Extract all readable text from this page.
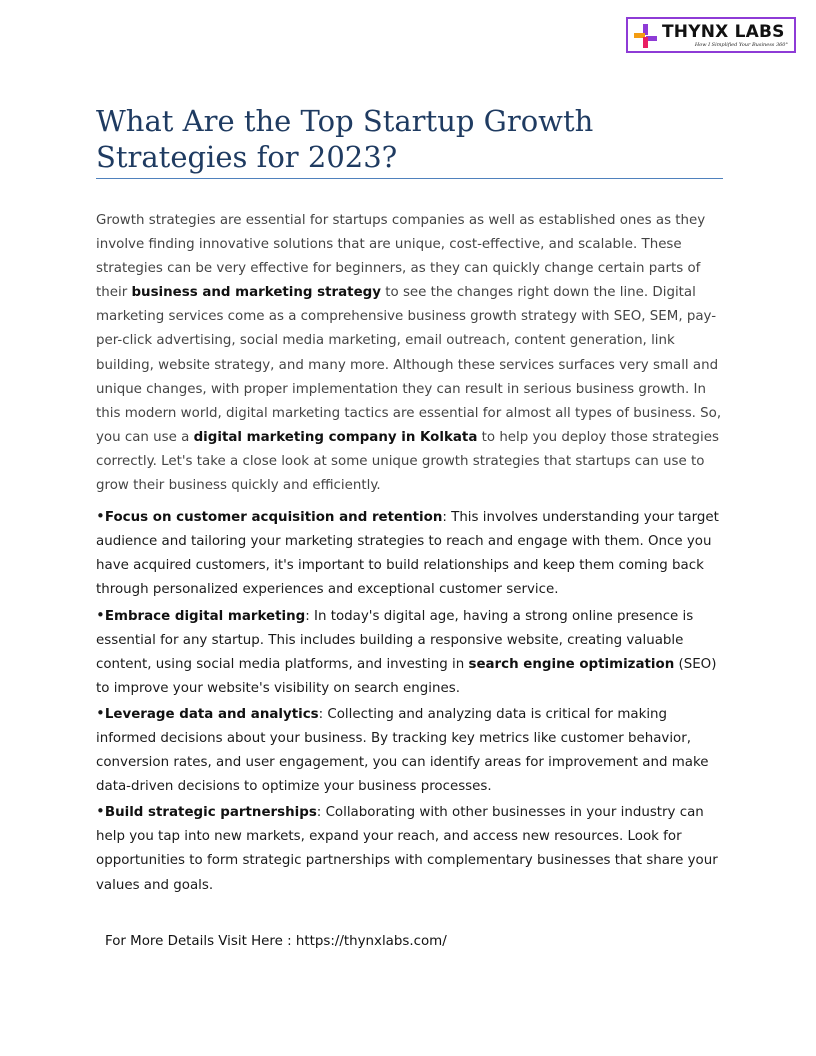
THYNX LABS
How I Simplified Your Business 360°
What Are the Top Startup Growth Strategies for 2023?

Growth strategies are essential for startups companies as well as established ones as they involve finding innovative solutions that are unique, cost-effective, and scalable. These strategies can be very effective for beginners, as they can quickly change certain parts of their business and marketing strategy to see the changes right down the line. Digital marketing services come as a comprehensive business growth strategy with SEO, SEM, pay-per-click advertising, social media marketing, email outreach, content generation, link building, website strategy, and many more. Although these services surfaces very small and unique changes, with proper implementation they can result in serious business growth. In this modern world, digital marketing tactics are essential for almost all types of business. So, you can use a digital marketing company in Kolkata to help you deploy those strategies correctly. Let's take a close look at some unique growth strategies that startups can use to grow their business quickly and efficiently.

•Focus on customer acquisition and retention: This involves understanding your target audience and tailoring your marketing strategies to reach and engage with them. Once you have acquired customers, it's important to build relationships and keep them coming back through personalized experiences and exceptional customer service.
•Embrace digital marketing: In today's digital age, having a strong online presence is essential for any startup. This includes building a responsive website, creating valuable content, using social media platforms, and investing in search engine optimization (SEO) to improve your website's visibility on search engines.
•Leverage data and analytics: Collecting and analyzing data is critical for making informed decisions about your business. By tracking key metrics like customer behavior, conversion rates, and user engagement, you can identify areas for improvement and make data-driven decisions to optimize your business processes.
•Build strategic partnerships: Collaborating with other businesses in your industry can help you tap into new markets, expand your reach, and access new resources. Look for opportunities to form strategic partnerships with complementary businesses that share your values and goals.
For More Details Visit Here : https://thynxlabs.com/
